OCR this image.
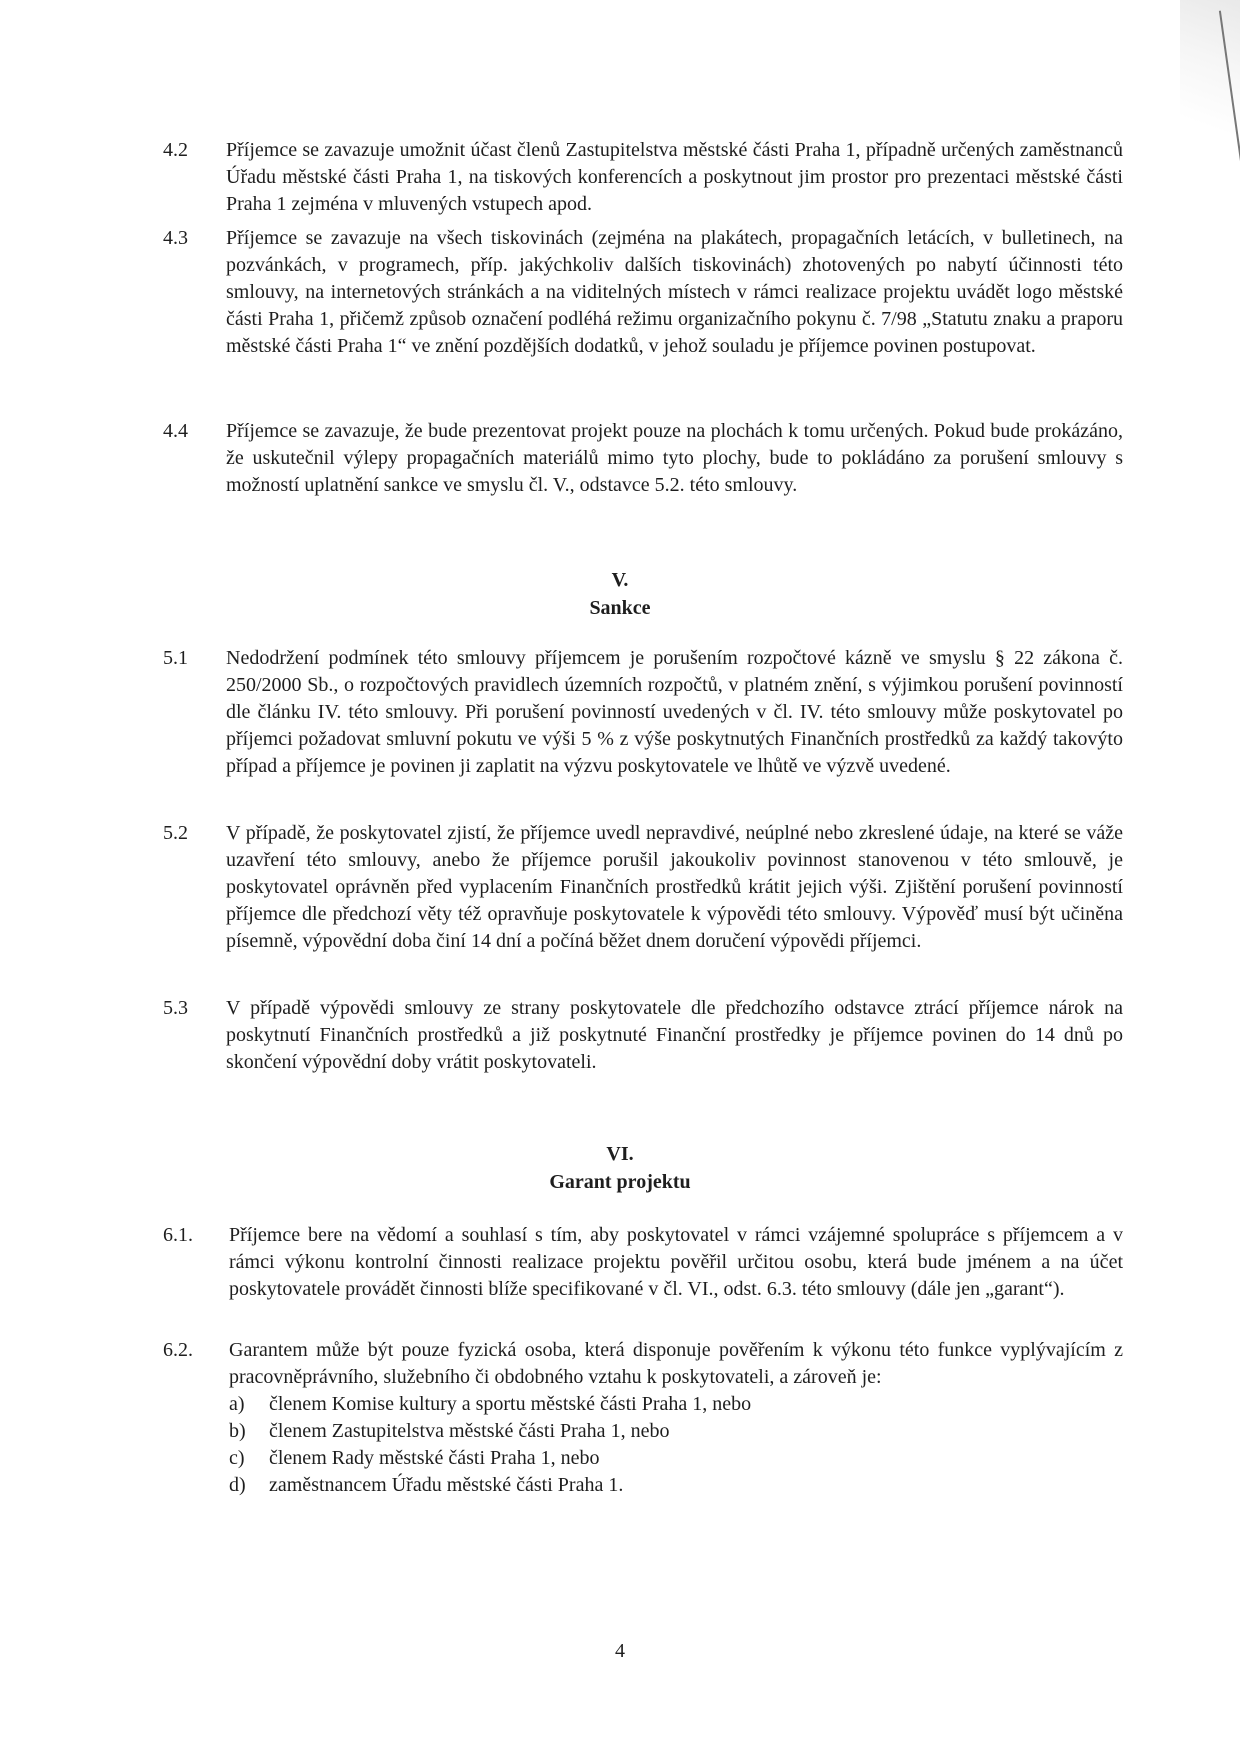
4.2	Příjemce se zavazuje umožnit účast členů Zastupitelstva městské části Praha 1, případně určených zaměstnanců Úřadu městské části Praha 1, na tiskových konferencích a poskytnout jim prostor pro prezentaci městské části Praha 1 zejména v mluvených vstupech apod.
4.3	Příjemce se zavazuje na všech tiskovinách (zejména na plakátech, propagačních letácích, v bulletinech, na pozvánkách, v programech, příp. jakýchkoliv dalších tiskovinách) zhotovených po nabytí účinnosti této smlouvy, na internetových stránkách a na viditelných místech v rámci realizace projektu uvádět logo městské části Praha 1, přičemž způsob označení podléhá režimu organizačního pokynu č. 7/98 „Statutu znaku a praporu městské části Praha 1“ ve znění pozdějších dodatků, v jehož souladu je příjemce povinen postupovat.
4.4	Příjemce se zavazuje, že bude prezentovat projekt pouze na plochách k tomu určených. Pokud bude prokázáno, že uskutečnil výlepy propagačních materiálů mimo tyto plochy, bude to pokládáno za porušení smlouvy s možností uplatnění sankce ve smyslu čl. V., odstavce 5.2. této smlouvy.
V.
Sankce
5.1	Nedodržení podmínek této smlouvy příjemcem je porušením rozpočtové kázně ve smyslu § 22 zákona č. 250/2000 Sb., o rozpočtových pravidlech územních rozpočtů, v platném znění, s výjimkou porušení povinností dle článku IV. této smlouvy. Při porušení povinností uvedených v čl. IV. této smlouvy může poskytovatel po příjemci požadovat smluvní pokutu ve výši 5 % z výše poskytnutých Finančních prostředků za každý takovýto případ a příjemce je povinen ji zaplatit na výzvu poskytovatele ve lhůtě ve výzvě uvedené.
5.2	V případě, že poskytovatel zjistí, že příjemce uvedl nepravdivé, neúplné nebo zkreslené údaje, na které se váže uzavření této smlouvy, anebo že příjemce porušil jakoukoliv povinnost stanovenou v této smlouvě, je poskytovatel oprávněn před vyplacením Finančních prostředků krátit jejich výši. Zjištění porušení povinností příjemce dle předchozí věty též opravňuje poskytovatele k výpovědi této smlouvy. Výpověď musí být učiněna písemně, výpovědní doba činí 14 dní a počíná běžet dnem doručení výpovědi příjemci.
5.3	V případě výpovědi smlouvy ze strany poskytovatele dle předchozího odstavce ztrácí příjemce nárok na poskytnutí Finančních prostředků a již poskytnuté Finanční prostředky je příjemce povinen do 14 dnů po skončení výpovědní doby vrátit poskytovateli.
VI.
Garant projektu
6.1.	Příjemce bere na vědomí a souhlasí s tím, aby poskytovatel v rámci vzájemné spolupráce s příjemcem a v rámci výkonu kontrolní činnosti realizace projektu pověřil určitou osobu, která bude jménem a na účet poskytovatele provádět činnosti blíže specifikované v čl. VI., odst. 6.3. této smlouvy (dále jen „garant“).
6.2.	Garantem může být pouze fyzická osoba, která disponuje pověřením k výkonu této funkce vyplývajícím z pracovněprávního, služebního či obdobného vztahu k poskytovateli, a zároveň je:
a) členem Komise kultury a sportu městské části Praha 1, nebo
b) členem Zastupitelstva městské části Praha 1, nebo
c) členem Rady městské části Praha 1, nebo
d) zaměstnancem Úřadu městské části Praha 1.
4
